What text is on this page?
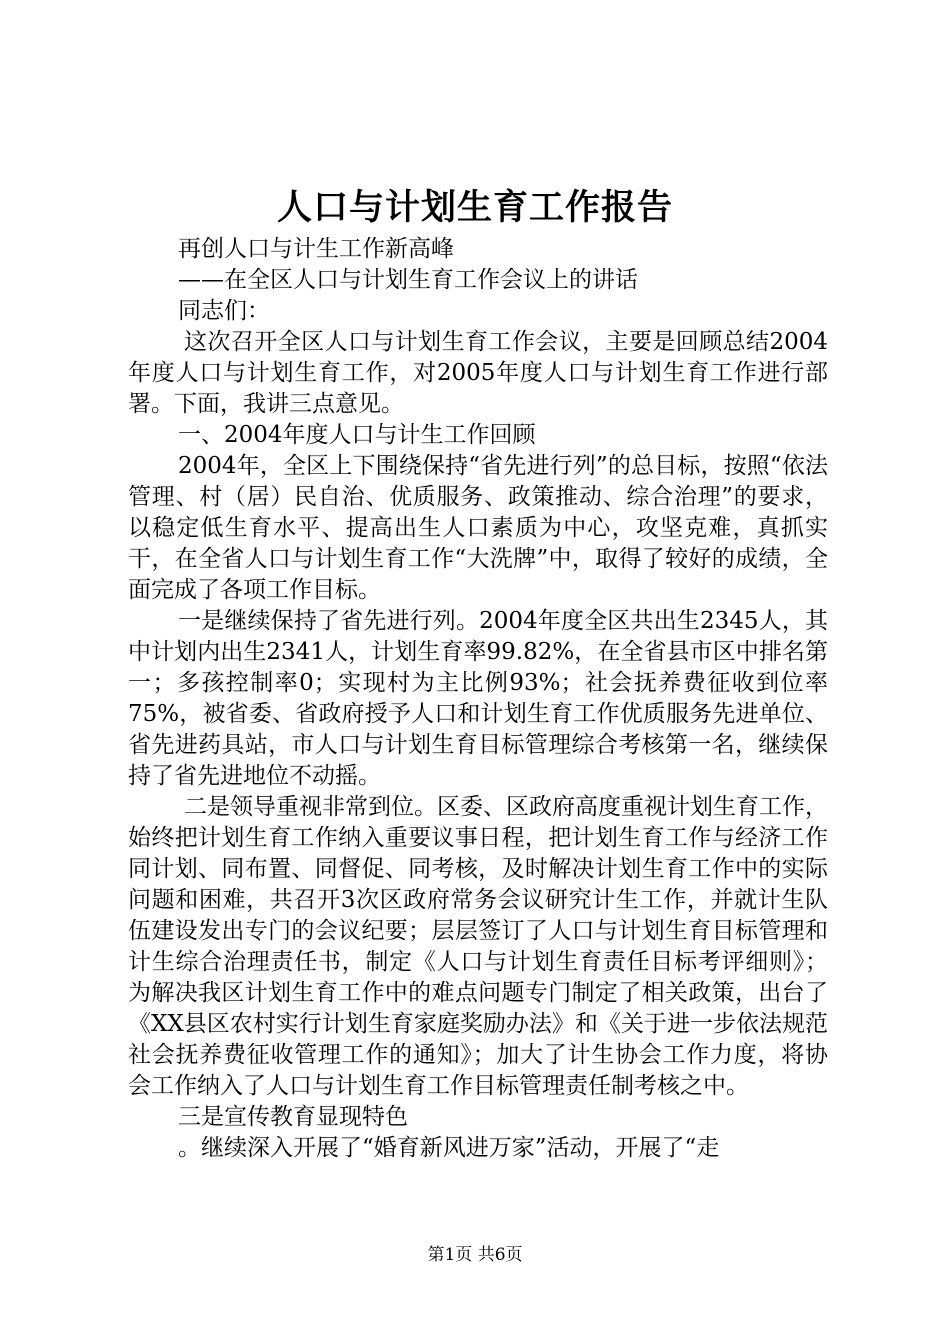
人口与计划生育工作报告

再创人口与计生工作新高峰

——在全区人口与计划生育工作会议上的讲话

同志们：

这次召开全区人口与计划生育工作会议，主要是回顾总结2004年度人口与计划生育工作，对2005年度人口与计划生育工作进行部署。下面，我讲三点意见。

一、2004年度人口与计生工作回顾

2004年，全区上下围绕保持“省先进行列”的总目标，按照“依法管理、村（居）民自治、优质服务、政策推动、综合治理”的要求，以稳定低生育水平、提高出生人口素质为中心，攻坚克难，真抓实干，在全省人口与计划生育工作“大洗牌”中，取得了较好的成绩，全面完成了各项工作目标。

一是继续保持了省先进行列。2004年度全区共出生2345人，其中计划内出生2341人，计划生育率99.82%，在全省县市区中排名第一；多孩控制率0；实现村为主比例93%；社会抚养费征收到位率75%，被省委、省政府授予人口和计划生育工作优质服务先进单位、省先进药具站，市人口与计划生育目标管理综合考核第一名，继续保持了省先进地位不动摇。

二是领导重视非常到位。区委、区政府高度重视计划生育工作，始终把计划生育工作纳入重要议事日程，把计划生育工作与经济工作同计划、同布置、同督促、同考核，及时解决计划生育工作中的实际问题和困难，共召开3次区政府常务会议研究计生工作，并就计生队伍建设发出专门的会议纪要；层层签订了人口与计划生育目标管理和计生综合治理责任书，制定《人口与计划生育责任目标考评细则》；为解决我区计划生育工作中的难点问题专门制定了相关政策，出台了《XX县区农村实行计划生育家庭奖励办法》和《关于进一步依法规范社会抚养费征收管理工作的通知》；加大了计生协会工作力度，将协会工作纳入了人口与计划生育工作目标管理责任制考核之中。

三是宣传教育显现特色

。继续深入开展了“婚育新风进万家”活动，开展了“走

第1页 共6页
